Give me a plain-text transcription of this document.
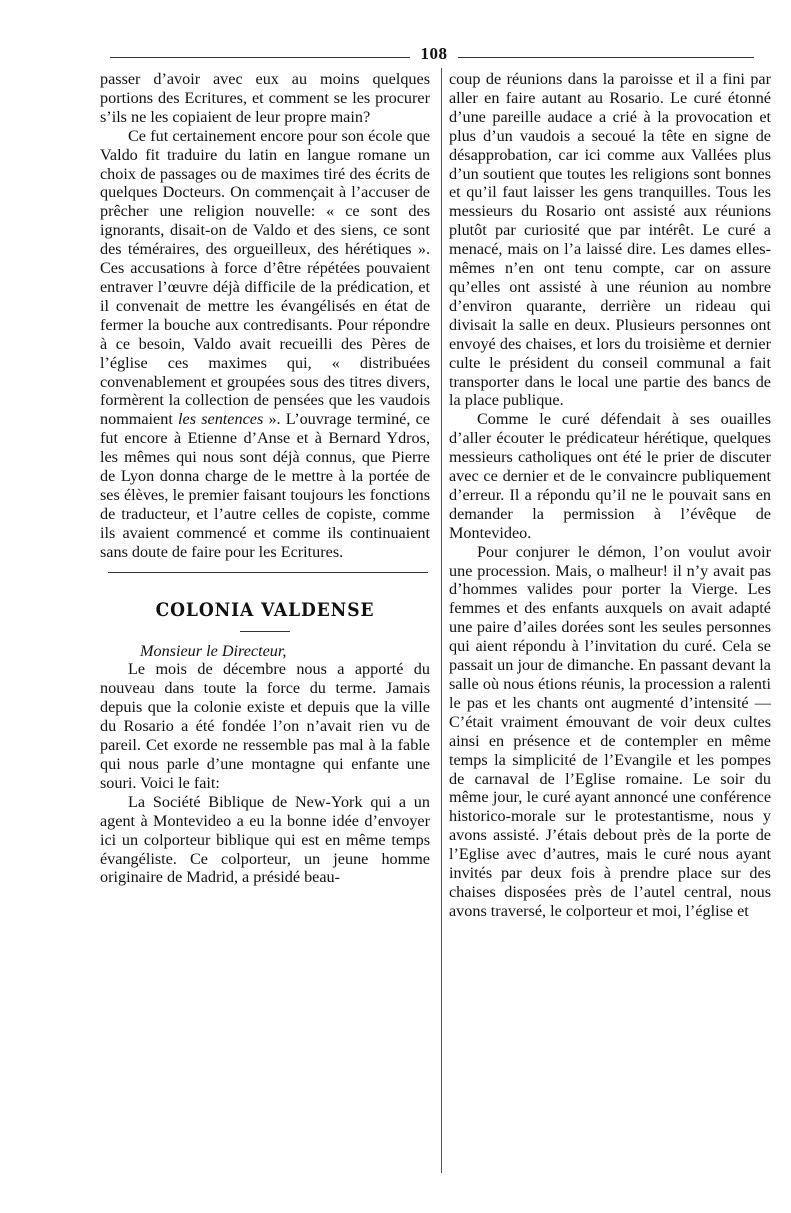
108

passer d’avoir avec eux au moins quelques portions des Ecritures, et comment se les procurer s’ils ne les copiaient de leur propre main?

Ce fut certainement encore pour son école que Valdo fit traduire du latin en langue romane un choix de passages ou de maximes tiré des écrits de quelques Docteurs. On commençait à l’accuser de prêcher une religion nouvelle: « ce sont des ignorants, disait-on de Valdo et des siens, ce sont des téméraires, des orgueilleux, des hérétiques ». Ces accusations à force d’être répétées pouvaient entraver l’œuvre déjà difficile de la prédication, et il convenait de mettre les évangélisés en état de fermer la bouche aux contredisants. Pour répondre à ce besoin, Valdo avait recueilli des Pères de l’église ces maximes qui, « distribuées convenablement et groupées sous des titres divers, formèrent la collection de pensées que les vaudois nommaient les sentences ». L’ouvrage terminé, ce fut encore à Etienne d’Anse et à Bernard Ydros, les mêmes qui nous sont déjà connus, que Pierre de Lyon donna charge de le mettre à la portée de ses élèves, le premier faisant toujours les fonctions de traducteur, et l’autre celles de copiste, comme ils avaient commencé et comme ils continuaient sans doute de faire pour les Ecritures.

COLONIA VALDENSE
Monsieur le Directeur,

Le mois de décembre nous a apporté du nouveau dans toute la force du terme. Jamais depuis que la colonie existe et depuis que la ville du Rosario a été fondée l’on n’avait rien vu de pareil. Cet exorde ne ressemble pas mal à la fable qui nous parle d’une montagne qui enfante une souri. Voici le fait:

La Société Biblique de New-York qui a un agent à Montevideo a eu la bonne idée d’envoyer ici un colporteur biblique qui est en même temps évangéliste. Ce colporteur, un jeune homme originaire de Madrid, a présidé beau-

coup de réunions dans la paroisse et il a fini par aller en faire autant au Rosario. Le curé étonné d’une pareille audace a crié à la provocation et plus d’un vaudois a secoué la tête en signe de désapprobation, car ici comme aux Vallées plus d’un soutient que toutes les religions sont bonnes et qu’il faut laisser les gens tranquilles. Tous les messieurs du Rosario ont assisté aux réunions plutôt par curiosité que par intérêt. Le curé a menacé, mais on l’a laissé dire. Les dames elles-mêmes n’en ont tenu compte, car on assure qu’elles ont assisté à une réunion au nombre d’environ quarante, derrière un rideau qui divisait la salle en deux. Plusieurs personnes ont envoyé des chaises, et lors du troisième et dernier culte le président du conseil communal a fait transporter dans le local une partie des bancs de la place publique.

Comme le curé défendait à ses ouailles d’aller écouter le prédicateur hérétique, quelques messieurs catholiques ont été le prier de discuter avec ce dernier et de le convaincre publiquement d’erreur. Il a répondu qu’il ne le pouvait sans en demander la permission à l’évêque de Montevideo.

Pour conjurer le démon, l’on voulut avoir une procession. Mais, o malheur! il n’y avait pas d’hommes valides pour porter la Vierge. Les femmes et des enfants auxquels on avait adapté une paire d’ailes dorées sont les seules personnes qui aient répondu à l’invitation du curé. Cela se passait un jour de dimanche. En passant devant la salle où nous étions réunis, la procession a ralenti le pas et les chants ont augmenté d’intensité — C’était vraiment émouvant de voir deux cultes ainsi en présence et de contempler en même temps la simplicité de l’Evangile et les pompes de carnaval de l’Eglise romaine. Le soir du même jour, le curé ayant annoncé une conférence historico-morale sur le protestantisme, nous y avons assisté. J’étais debout près de la porte de l’Eglise avec d’autres, mais le curé nous ayant invités par deux fois à prendre place sur des chaises disposées près de l’autel central, nous avons traversé, le colporteur et moi, l’église et
